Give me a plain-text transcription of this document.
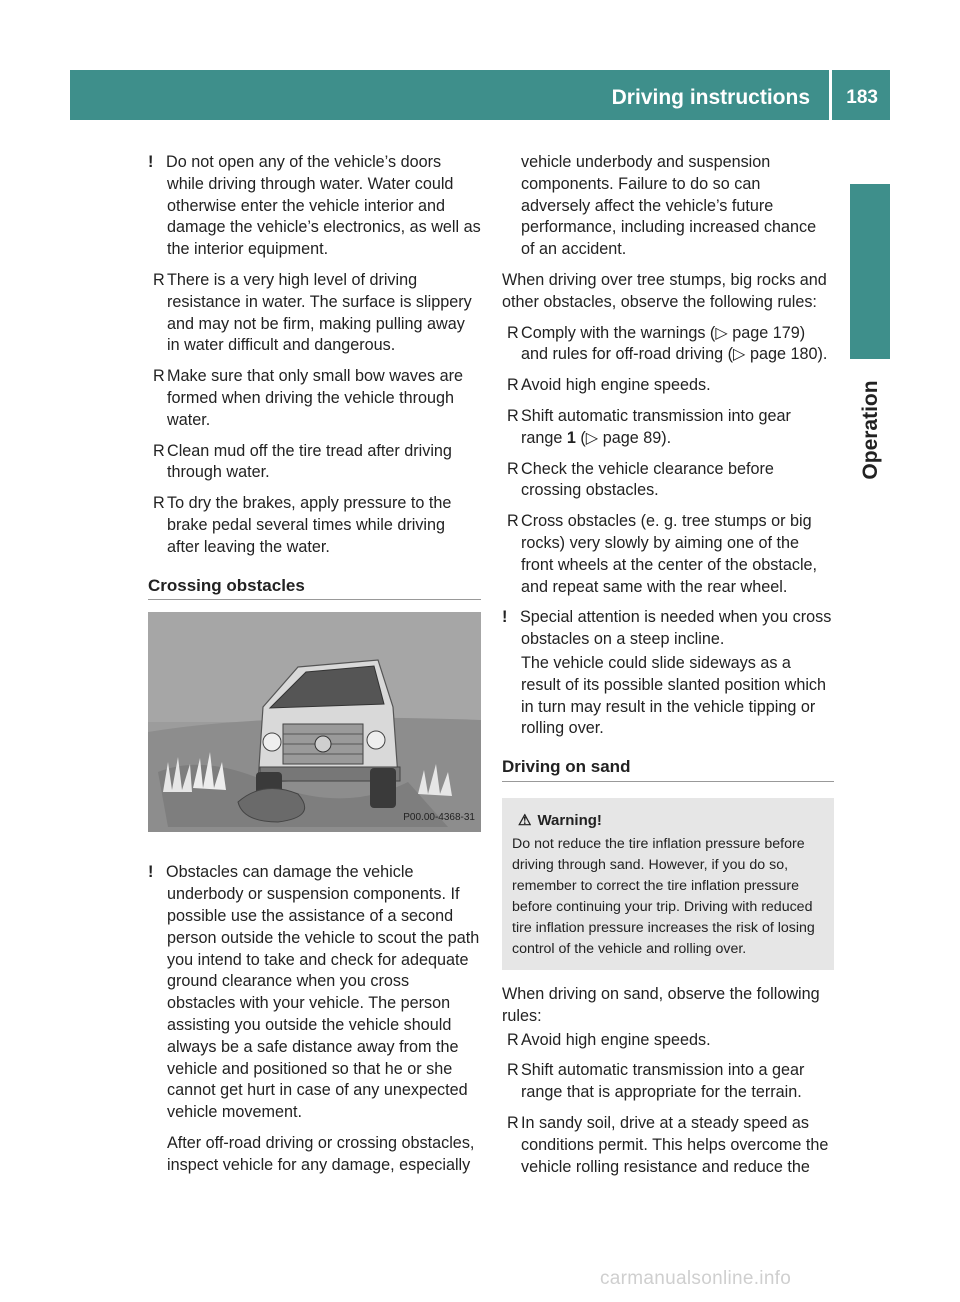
Driving instructions	183
Operation

! Do not open any of the vehicle’s doors while driving through water. Water could otherwise enter the vehicle interior and damage the vehicle’s electronics, as well as the interior equipment.

R There is a very high level of driving resistance in water. The surface is slippery and may not be firm, making pulling away in water difficult and dangerous.
R Make sure that only small bow waves are formed when driving the vehicle through water.
R Clean mud off the tire tread after driving through water.
R To dry the brakes, apply pressure to the brake pedal several times while driving after leaving the water.
Crossing obstacles
P00.00-4368-31

! Obstacles can damage the vehicle underbody or suspension components. If possible use the assistance of a second person outside the vehicle to scout the path you intend to take and check for adequate ground clearance when you cross obstacles with your vehicle. The person assisting you outside the vehicle should always be a safe distance away from the vehicle and positioned so that he or she cannot get hurt in case of any unexpected vehicle movement.

After off-road driving or crossing obstacles, inspect vehicle for any damage, especially

vehicle underbody and suspension components. Failure to do so can adversely affect the vehicle’s future performance, including increased chance of an accident.

When driving over tree stumps, big rocks and other obstacles, observe the following rules:

R Comply with the warnings (▷ page 179) and rules for off-road driving (▷ page 180).
R Avoid high engine speeds.
R Shift automatic transmission into gear range 1 (▷ page 89).
R Check the vehicle clearance before crossing obstacles.
R Cross obstacles (e. g. tree stumps or big rocks) very slowly by aiming one of the front wheels at the center of the obstacle, and repeat same with the rear wheel.

! Special attention is needed when you cross obstacles on a steep incline.

The vehicle could slide sideways as a result of its possible slanted position which in turn may result in the vehicle tipping or rolling over.

Driving on sand
⚠ Warning!
Do not reduce the tire inflation pressure before driving through sand. However, if you do so, remember to correct the tire inflation pressure before continuing your trip. Driving with reduced tire inflation pressure increases the risk of losing control of the vehicle and rolling over.

When driving on sand, observe the following rules:

R Avoid high engine speeds.
R Shift automatic transmission into a gear range that is appropriate for the terrain.
R In sandy soil, drive at a steady speed as conditions permit. This helps overcome the vehicle rolling resistance and reduce the
carmanualsonline.info
